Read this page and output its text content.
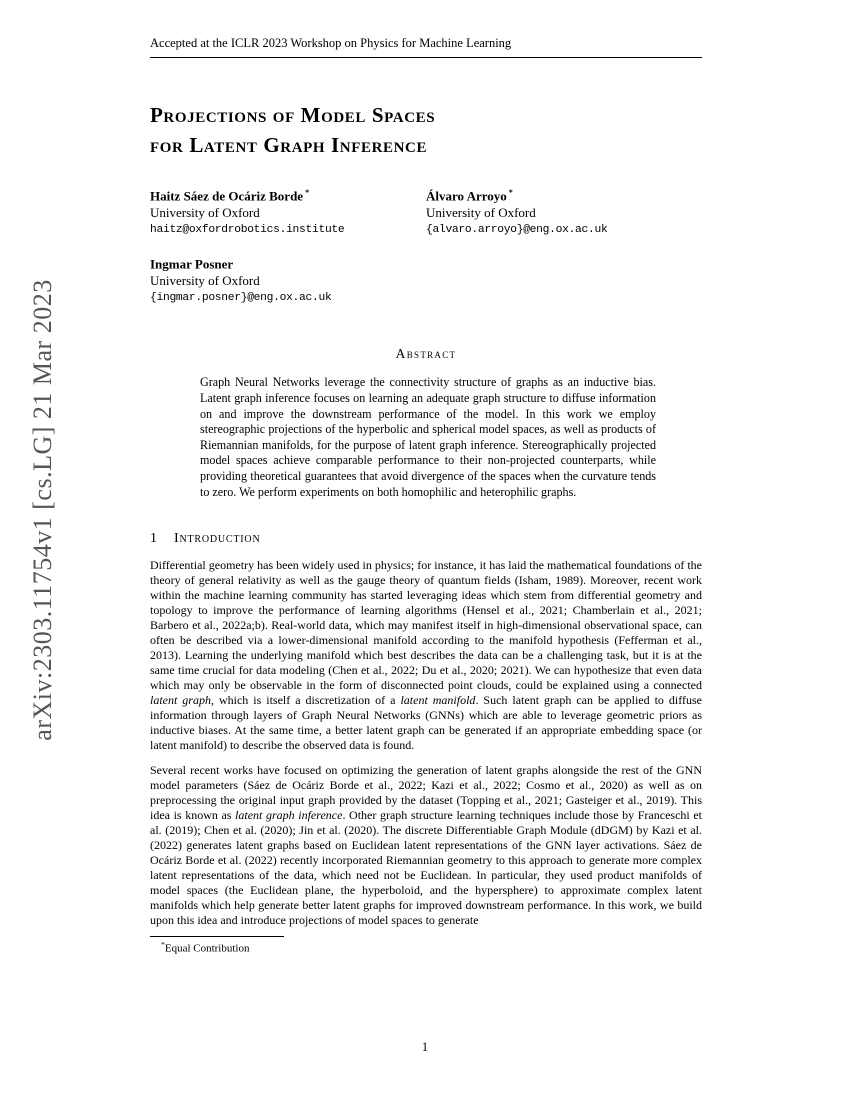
arXiv:2303.11754v1 [cs.LG] 21 Mar 2023
Accepted at the ICLR 2023 Workshop on Physics for Machine Learning
Projections of Model Spaces
for Latent Graph Inference
Haitz Sáez de Ocáriz Borde *
University of Oxford
haitz@oxfordrobotics.institute
Álvaro Arroyo *
University of Oxford
{alvaro.arroyo}@eng.ox.ac.uk
Ingmar Posner
University of Oxford
{ingmar.posner}@eng.ox.ac.uk
Abstract

Graph Neural Networks leverage the connectivity structure of graphs as an inductive bias. Latent graph inference focuses on learning an adequate graph structure to diffuse information on and improve the downstream performance of the model. In this work we employ stereographic projections of the hyperbolic and spherical model spaces, as well as products of Riemannian manifolds, for the purpose of latent graph inference. Stereographically projected model spaces achieve comparable performance to their non-projected counterparts, while providing theoretical guarantees that avoid divergence of the spaces when the curvature tends to zero. We perform experiments on both homophilic and heterophilic graphs.

1 Introduction

Differential geometry has been widely used in physics; for instance, it has laid the mathematical foundations of the theory of general relativity as well as the gauge theory of quantum fields (Isham, 1989). Moreover, recent work within the machine learning community has started leveraging ideas which stem from differential geometry and topology to improve the performance of learning algorithms (Hensel et al., 2021; Chamberlain et al., 2021; Barbero et al., 2022a;b). Real-world data, which may manifest itself in high-dimensional observational space, can often be described via a lower-dimensional manifold according to the manifold hypothesis (Fefferman et al., 2013). Learning the underlying manifold which best describes the data can be a challenging task, but it is at the same time crucial for data modeling (Chen et al., 2022; Du et al., 2020; 2021). We can hypothesize that even data which may only be observable in the form of disconnected point clouds, could be explained using a connected latent graph, which is itself a discretization of a latent manifold. Such latent graph can be applied to diffuse information through layers of Graph Neural Networks (GNNs) which are able to leverage geometric priors as inductive biases. At the same time, a better latent graph can be generated if an appropriate embedding space (or latent manifold) to describe the observed data is found.

Several recent works have focused on optimizing the generation of latent graphs alongside the rest of the GNN model parameters (Sáez de Ocáriz Borde et al., 2022; Kazi et al., 2022; Cosmo et al., 2020) as well as on preprocessing the original input graph provided by the dataset (Topping et al., 2021; Gasteiger et al., 2019). This idea is known as latent graph inference. Other graph structure learning techniques include those by Franceschi et al. (2019); Chen et al. (2020); Jin et al. (2020). The discrete Differentiable Graph Module (dDGM) by Kazi et al. (2022) generates latent graphs based on Euclidean latent representations of the GNN layer activations. Sáez de Ocáriz Borde et al. (2022) recently incorporated Riemannian geometry to this approach to generate more complex latent representations of the data, which need not be Euclidean. In particular, they used product manifolds of model spaces (the Euclidean plane, the hyperboloid, and the hypersphere) to approximate complex latent manifolds which help generate better latent graphs for improved downstream performance. In this work, we build upon this idea and introduce projections of model spaces to generate

*Equal Contribution
1
